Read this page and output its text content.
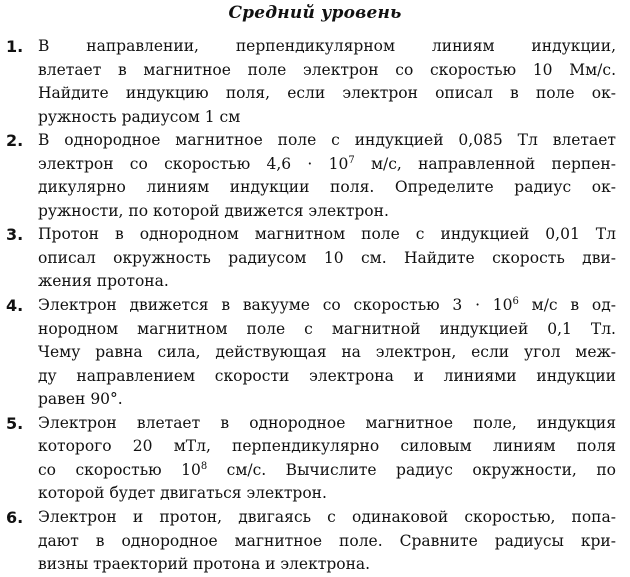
Средний уровень
1. В направлении, перпендикулярном линиям индукции,
влетает в магнитное поле электрон со скоростью 10 Мм/с.
Найдите индукцию поля, если электрон описал в поле ок-
ружность радиусом 1 см
2. В однородное магнитное поле с индукцией 0,085 Тл влетает
электрон со скоростью $4,6 \cdot 10^7$ м/с, направленной перпен-
дикулярно линиям индукции поля. Определите радиус ок-
ружности, по которой движется электрон.
3. Протон в однородном магнитном поле с индукцией 0,01 Тл
описал окружность радиусом 10 см. Найдите скорость дви-
жения протона.
4. Электрон движется в вакууме со скоростью $3 \cdot 10^6$ м/с в од-
нородном магнитном поле с магнитной индукцией 0,1 Тл.
Чему равна сила, действующая на электрон, если угол меж-
ду направлением скорости электрона и линиями индукции
равен 90°.
5. Электрон влетает в однородное магнитное поле, индукция
которого 20 мТл, перпендикулярно силовым линиям поля
со скоростью $10^8$ см/с. Вычислите радиус окружности, по
которой будет двигаться электрон.
6. Электрон и протон, двигаясь с одинаковой скоростью, попа-
дают в однородное магнитное поле. Сравните радиусы кри-
визны траекторий протона и электрона.
